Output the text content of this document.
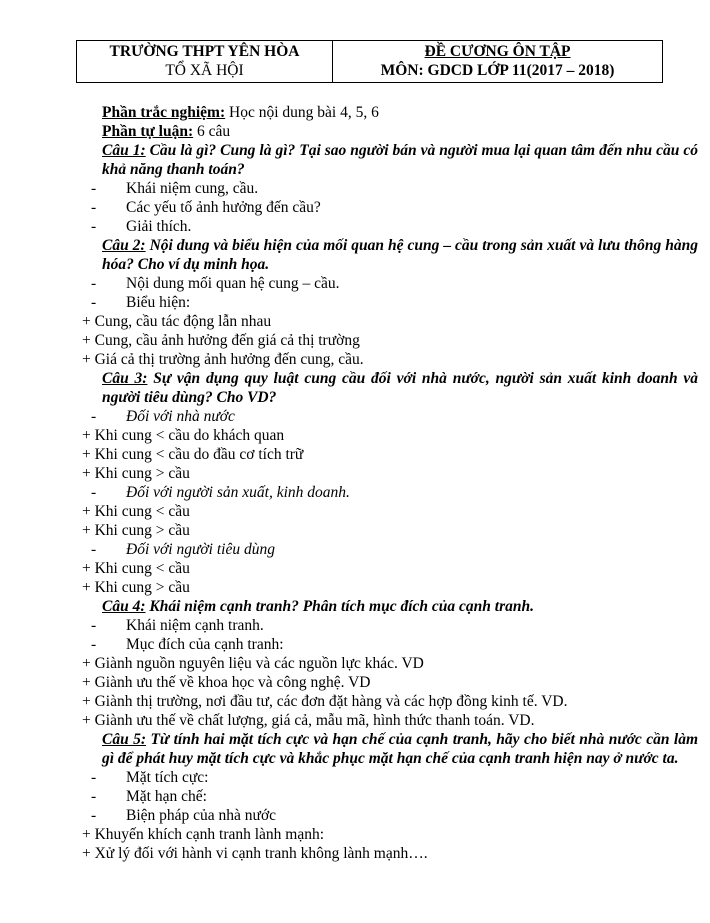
TRƯỜNG THPT YÊN HÒA
TỔ XÃ HỘI

ĐỀ CƯƠNG ÔN TẬP
MÔN: GDCD LỚP 11(2017 – 2018)
Phần trắc nghiệm: Học nội dung bài 4, 5, 6
Phần tự luận: 6 câu
Câu 1: Cầu là gì? Cung là gì? Tại sao người bán và người mua lại quan tâm đến nhu cầu có khả năng thanh toán?
- Khái niệm cung, cầu.
- Các yếu tố ảnh hưởng đến cầu?
- Giải thích.
Câu 2: Nội dung và biểu hiện của mối quan hệ cung – cầu trong sản xuất và lưu thông hàng hóa? Cho ví dụ minh họa.
- Nội dung mối quan hệ cung – cầu.
- Biểu hiện:
+ Cung, cầu tác động lẫn nhau
+ Cung, cầu ảnh hưởng đến giá cả thị trường
+ Giá cả thị trường ảnh hưởng đến cung, cầu.
Câu 3: Sự vận dụng quy luật cung cầu đối với nhà nước, người sản xuất kinh doanh và người tiêu dùng? Cho VD?
- Đối với nhà nước
+ Khi cung < cầu do khách quan
+ Khi cung < cầu do đầu cơ tích trữ
+ Khi cung > cầu
- Đối với người sản xuất, kinh doanh.
+ Khi cung < cầu
+ Khi cung > cầu
- Đối với người tiêu dùng
+ Khi cung < cầu
+ Khi cung > cầu
Câu 4: Khái niệm cạnh tranh? Phân tích mục đích của cạnh tranh.
- Khái niệm cạnh tranh.
- Mục đích của cạnh tranh:
+ Giành nguồn nguyên liệu và các nguồn lực khác. VD
+ Giành ưu thế về khoa học và công nghệ. VD
+ Giành thị trường, nơi đầu tư, các đơn đặt hàng và các hợp đồng kinh tế. VD.
+ Giành ưu thế về chất lượng, giá cả, mẫu mã, hình thức thanh toán. VD.
Câu 5: Từ tính hai mặt tích cực và hạn chế của cạnh tranh, hãy cho biết nhà nước cần làm gì để phát huy mặt tích cực và khắc phục mặt hạn chế của cạnh tranh hiện nay ở nước ta.
- Mặt tích cực:
- Mặt hạn chế:
- Biện pháp của nhà nước
+ Khuyến khích cạnh tranh lành mạnh:
+ Xử lý đối với hành vi cạnh tranh không lành mạnh….
